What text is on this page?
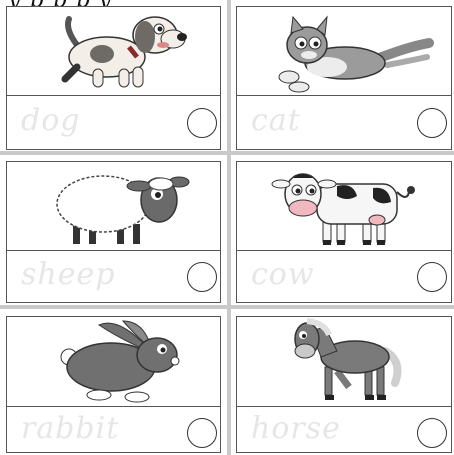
dog	cat
sheep	cow
rabbit	horse
